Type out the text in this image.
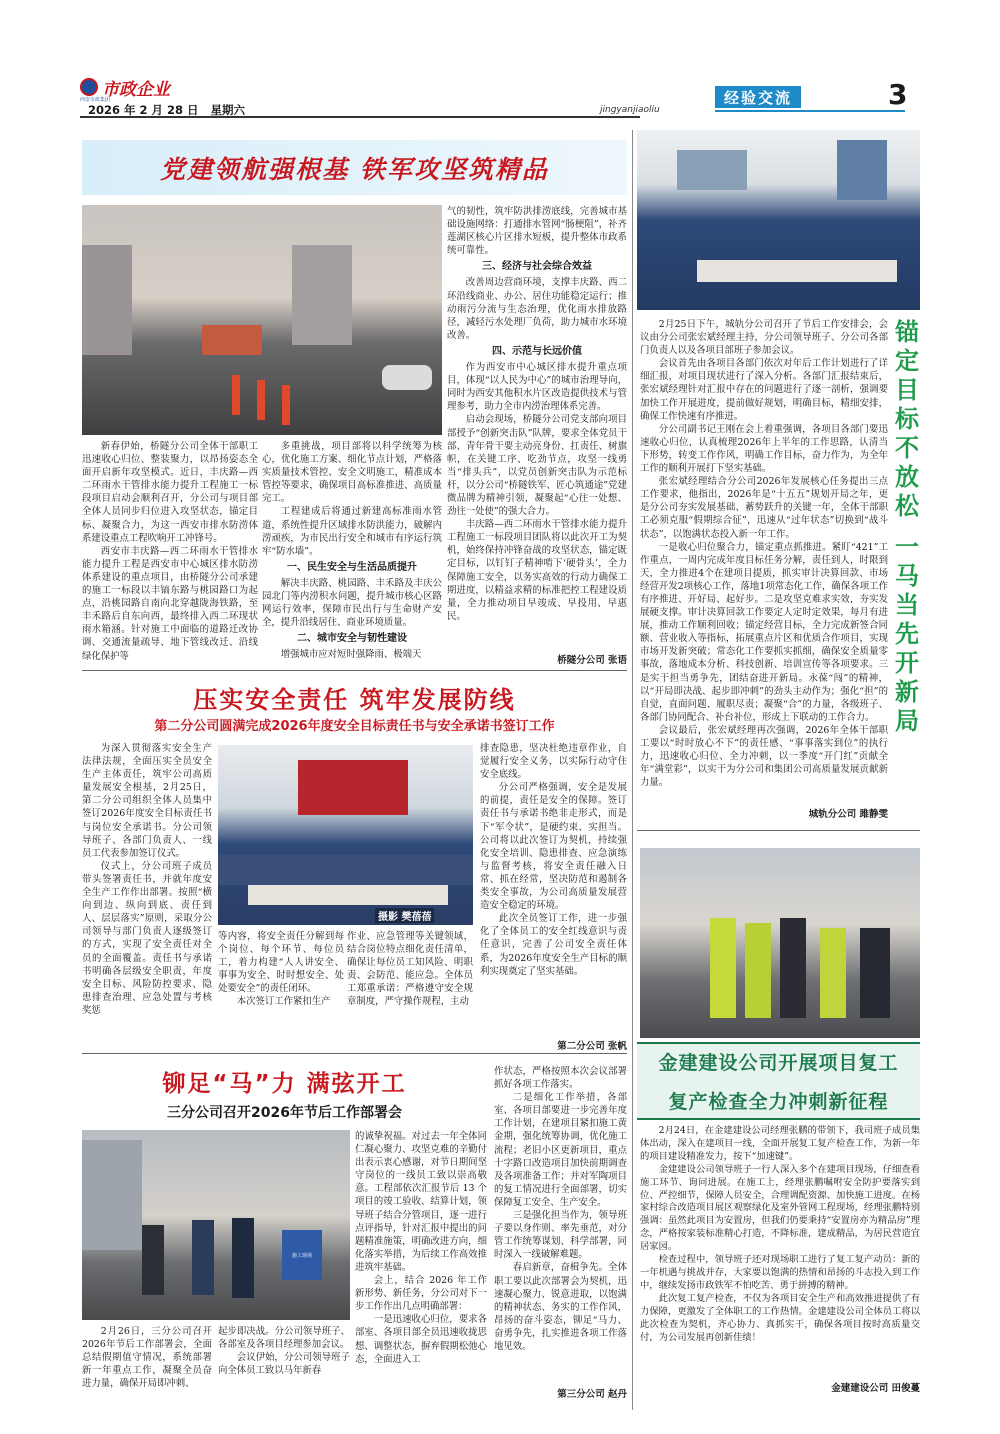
市政企业
西安市政集团
2026 年 2 月 28 日 星期六	jingyanjiaoliu
经验交流	3
党建领航强根基 铁军攻坚筑精品

新春伊始，桥隧分公司全体干部职工迅速收心归位、整装聚力，以昂扬姿态全面开启新年攻坚模式。近日，丰庆路—西二环雨水干管排水能力提升工程施工一标段项目启动会顺利召开，分公司与项目部全体人员同步归位进入攻坚状态，锚定目标、凝聚合力，为这一西安市排水防涝体系建设重点工程吹响开工冲锋号。

西安市丰庆路—西二环雨水干管排水能力提升工程是西安市中心城区排水防涝体系建设的重点项目，由桥隧分公司承建的施工一标段以丰镐东路与桃园路口为起点，沿桃园路自南向北穿越陇海铁路，至丰禾路后自东向西，最终排入西二环现状雨水箱涵。针对施工中面临的道路迁改协调、交通流量疏导、地下管线改迁、沿线绿化保护等

多重挑战，项目部将以科学统筹为核心，优化施工方案、细化节点计划，严格落实质量技术管控、安全文明施工，精准成本管控等要求，确保项目高标准推进、高质量完工。

工程建成后将通过新建高标准雨水管道，系统性提升区域排水防洪能力，破解内涝顽疾，为市民出行安全和城市有序运行筑牢“防水墙”。

一、民生安全与生活品质提升

解决丰庆路、桃园路、丰禾路及丰庆公园北门等内涝积水问题，提升城市核心区路网运行效率，保障市民出行与生命财产安全，提升沿线居住、商业环境质量。

二、城市安全与韧性建设

增强城市应对短时强降雨、极端天

气的韧性，筑牢防洪排涝底线，完善城市基础设施网络：打通排水管网“肠梗阻”，补齐莲湖区核心片区排水短板，提升整体市政系统可靠性。

三、经济与社会综合效益

改善周边营商环境，支撑丰庆路、西二环沿线商业、办公、居住功能稳定运行；推动雨污分流与生态治理，优化雨水排放路径，减轻污水处理厂负荷，助力城市水环境改善。

四、示范与长远价值

作为西安市中心城区排水提升重点项目，体现“以人民为中心”的城市治理导向，同时为西安其他积水片区改造提供技术与管理参考，助力全市内涝治理体系完善。

启动会现场，桥隧分公司党支部向项目部授予“创新突击队”队牌，要求全体党员干部、青年骨干要主动亮身份、扛责任、树旗帜，在关键工序、吃劲节点，攻坚一线勇当“排头兵”，以党员创新突击队为示范标杆，以分公司“桥隧铁军、匠心筑通途”党建微品牌为精神引领，凝聚起“心往一处想、劲往一处使”的强大合力。

丰庆路—西二环雨水干管排水能力提升工程施工一标段项目团队将以此次开工为契机，始终保持冲锋奋战的攻坚状态，锚定既定目标，以钉钉子精神啃下‘硬骨头’，全力保障施工安全，以务实高效的行动力确保工期进度，以精益求精的标准把控工程建设质量，全力推动项目早竣成、早投用、早惠民。

桥隧分公司 张语
压实安全责任 筑牢发展防线
第二分公司圆满完成2026年度安全目标责任书与安全承诺书签订工作

为深入贯彻落实安全生产法律法规，全面压实全员安全生产主体责任，筑牢公司高质量发展安全根基，2月25日，第二分公司组织全体人员集中签订2026年度安全目标责任书与岗位安全承诺书。分公司领导班子、各部门负责人、一线员工代表参加签订仪式。

仪式上，分公司班子成员带头签署责任书，并就年度安全生产工作作出部署。按照“横向到边、纵向到底、责任到人、层层落实”原则，采取分公司领导与部门负责人逐级签订的方式，实现了安全责任对全员的全面覆盖。责任书与承诺书明确各层级安全职责，年度安全目标、风险防控要求、隐患排查治理、应急处置与考核奖惩

摄影 樊蓓蓓

等内容，将安全责任分解到每个岗位、每个环节、每位员工，着力构建“人人讲安全、事事为安全、时时想安全、处处要安全”的责任闭环。

本次签订工作紧扣生产

作业、应急管理等关键领域，结合岗位特点细化责任清单，确保让每位员工知风险、明职责、会防范、能应急。全体员工郑重承诺：严格遵守安全规章制度，严守操作规程，主动

排查隐患，坚决杜绝违章作业，自觉履行安全义务，以实际行动守住安全底线。

分公司严格强调，安全是发展的前提，责任是安全的保障。签订责任书与承诺书绝非走形式，而是下“军令状”，是硬约束、实担当。公司将以此次签订为契机，持续强化安全培训、隐患排查、应急演练与监督考核，将安全责任融入日常、抓在经常，坚决防范和遏制各类安全事故，为公司高质量发展营造安全稳定的环境。

此次全员签订工作，进一步强化了全体员工的安全红线意识与责任意识，完善了公司安全责任体系，为2026年度安全生产目标的顺利实现奠定了坚实基础。

第二分公司 张帆
铆足“马”力 满弦开工
三分公司召开2026年节后工作部署会
施工现场

2月26日，三分公司召开2026年节后工作部署会，全面总结假期值守情况，系统部署新一年重点工作，凝聚全员奋进力量，确保开局即冲刺、

起步即决战。分公司领导班子、各部室及各项目经理参加会议。

会议伊始，分公司领导班子向全体员工致以马年新春

的诚挚祝福。对过去一年全体同仁凝心聚力、攻坚克难的辛勤付出表示衷心感谢，对节日期间坚守岗位的一线员工致以崇高敬意。工程部依次汇报节后 13 个项目的竣工验收、结算计划，领导班子结合分管项目，逐一进行点评指导，针对汇报中提出的问题精准施策，明确改进方向，细化落实举措，为后续工作高效推进筑牢基础。

会上，结合 2026 年工作新形势、新任务，分公司对下一步工作作出几点明确部署：

一是迅速收心归位，要求各部室、各项目部全员迅速收拢思想、调整状态，摒弃假期松弛心态，全面进入工

作状态，严格按照本次会议部署抓好各项工作落实。

二是细化工作举措，各部室、各项目部要进一步完善年度工作计划，在建项目紧扣施工黄金期，强化统筹协调，优化施工流程；老旧小区更新项目，重点十字路口改造项目加快前期调查及各项准备工作；并对军陶项目的复工情况进行全面部署，切实保障复工安全、生产安全。

三是强化担当作为，领导班子要以身作则、率先垂范，对分管工作统筹谋划、科学部署，同时深入一线破解难题。

春启新章，奋楫争先。全体职工要以此次部署会为契机，迅速凝心聚力、锐意进取，以饱满的精神状态、务实的工作作风，昂扬的奋斗姿态，铆足“马力、奋勇争先，扎实推进各项工作落地见效。

第三分公司 赵丹
锚
定
目
标
不
放
松
一
马
当
先
开
新
局

2月25日下午，城轨分公司召开了节后工作安排会，会议由分公司张宏斌经理主持，分公司领导班子、分公司各部门负责人以及各项目部班子参加会议。

会议首先由各项目各部门依次对年后工作计划进行了详细汇报，对项目现状进行了深入分析。各部门汇报结束后，张宏斌经理针对汇报中存在的问题进行了逐一剖析，强调要加快工作开展进度，提前做好规划，明确目标，精细安排，确保工作快速有序推进。

分公司副书记王刚在会上着重强调，各项目各部门要迅速收心归位，认真梳理2026年上半年的工作思路，认清当下形势，转变工作作风，明确工作目标，奋力作为，为全年工作的顺利开展打下坚实基础。

张宏斌经理结合分公司2026年发展核心任务提出三点工作要求，他指出，2026年是“十五五”规划开局之年，更是分公司夯实发展基础、蓄势跃升的关键一年，全体干部职工必须克服“假期综合征”，迅速从“过年状态”切换到“战斗状态”，以饱满状态投入新一年工作。

一是收心归位聚合力，锚定重点抓推进。紧盯“421”工作重点，一周内完成年度目标任务分解，责任到人，时限到天，全力推进4个在建项目提质，抓实审计决算回款、市场经营开发2项核心工作，落地1项常态化工作，确保各项工作有序推进、开好局、起好步。二是攻坚克难求实效，夯实发展硬支撑。审计决算回款工作要定人定时定效果，每月有进展，推动工作顺利回收；锚定经营目标，全力完成新签合同额、营业收入等指标，拓展重点片区和优质合作项目，实现市场开发新突破；常态化工作要抓实抓细，确保安全质量零事故，落地成本分析、科技创新、培训宣传等各项要求。三是实干担当勇争先，团结奋进开新局。永葆“闯”的精神，以“开局即决战、起步即冲刺”的劲头主动作为；强化“担”的自觉，直面问题、履职尽责；凝聚“合”的力量，各级班子、各部门协同配合、补台补位，形成上下联动的工作合力。

会议最后，张宏斌经理再次强调，2026年全体干部职工要以“时时放心不下”的责任感、“事事落实到位”的执行力，迅速收心归位、全力冲刺，以一季度“开门红”贡献全年“满堂彩”，以实干为分公司和集团公司高质量发展贡献新力量。

城轨分公司 雎静雯
金建建设公司开展项目复工
复产检查全力冲刺新征程

2月24日，在金建建设公司经理张鹏的带领下，我司班子成员集体出动，深入在建项目一线，全面开展复工复产检查工作，为新一年的项目建设精准发力，按下“加速键”。

金建建设公司领导班子一行人深入多个在建项目现场，仔细查看施工环节、询问进展。在施工上，经理张鹏嘱咐安全防护要落实到位、严控细节，保障人员安全，合理调配资源、加快施工进度。在杨家村综合改造项目展区观察绿化及室外管网工程现场，经理张鹏特别强调：虽然此项目为安置房，但我们仍要秉持“安置房亦为精品房”理念，严格按家装标准精心打造，不降标准，建成精品，为居民营造宜居家园。

检查过程中，领导班子还对现场职工进行了复工复产动员：新的一年机遇与挑战并存，大家要以饱满的热情和昂扬的斗志投入到工作中，继续发扬市政铁军不怕吃苦、勇于拼搏的精神。

此次复工复产检查，不仅为各项目安全生产和高效推进提供了有力保障，更激发了全体职工的工作热情。金建建设公司全体员工将以此次检查为契机，齐心协力、真抓实干，确保各项目按时高质量交付，为公司发展再创新佳绩！

金建建设公司 田俊蔓
